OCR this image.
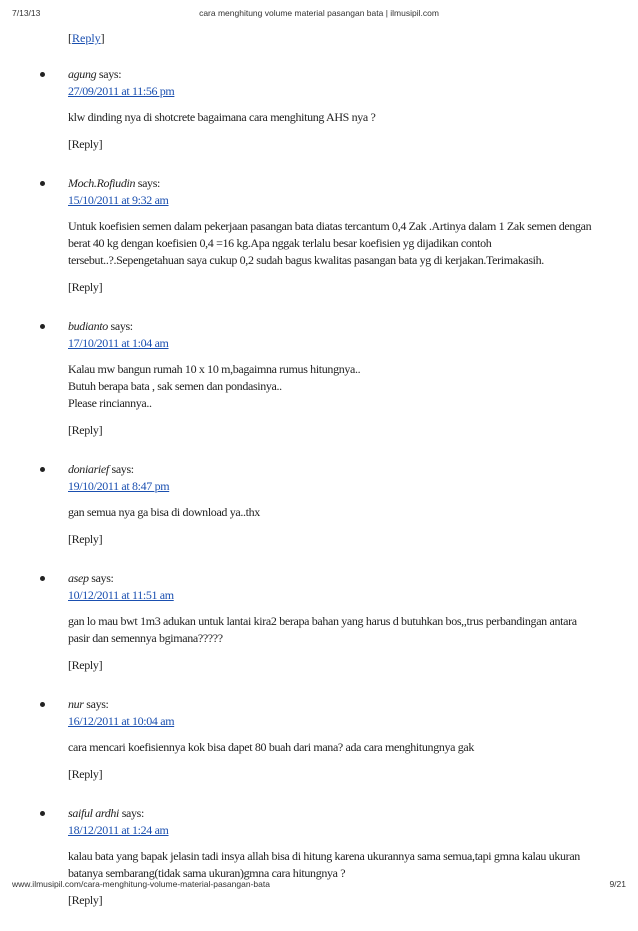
7/13/13	cara menghitung volume material pasangan bata | ilmusipil.com
[Reply]
agung says:
27/09/2011 at 11:56 pm
klw dinding nya di shotcrete bagaimana cara menghitung AHS nya ?
[Reply]
Moch.Rofiudin says:
15/10/2011 at 9:32 am
Untuk koefisien semen dalam pekerjaan pasangan bata diatas tercantum 0,4 Zak .Artinya dalam 1 Zak semen dengan berat 40 kg dengan koefisien 0,4 =16 kg.Apa nggak terlalu besar koefisien yg dijadikan contoh tersebut..?.Sepengetahuan saya cukup 0,2 sudah bagus kwalitas pasangan bata yg di kerjakan.Terimakasih.
[Reply]
budianto says:
17/10/2011 at 1:04 am
Kalau mw bangun rumah 10 x 10 m,bagaimna rumus hitungnya..
Butuh berapa bata , sak semen dan pondasinya..
Please rinciannya..
[Reply]
doniarief says:
19/10/2011 at 8:47 pm
gan semua nya ga bisa di download ya..thx
[Reply]
asep says:
10/12/2011 at 11:51 am
gan lo mau bwt 1m3 adukan untuk lantai kira2 berapa bahan yang harus d butuhkan bos,,trus perbandingan antara pasir dan semennya bgimana?????
[Reply]
nur says:
16/12/2011 at 10:04 am
cara mencari koefisiennya kok bisa dapet 80 buah dari mana? ada cara menghitungnya gak
[Reply]
saiful ardhi says:
18/12/2011 at 1:24 am
kalau bata yang bapak jelasin tadi insya allah bisa di hitung karena ukurannya sama semua,tapi gmna kalau ukuran batanya sembarang(tidak sama ukuran)gmna cara hitungnya ?
[Reply]
www.ilmusipil.com/cara-menghitung-volume-material-pasangan-bata	9/21
